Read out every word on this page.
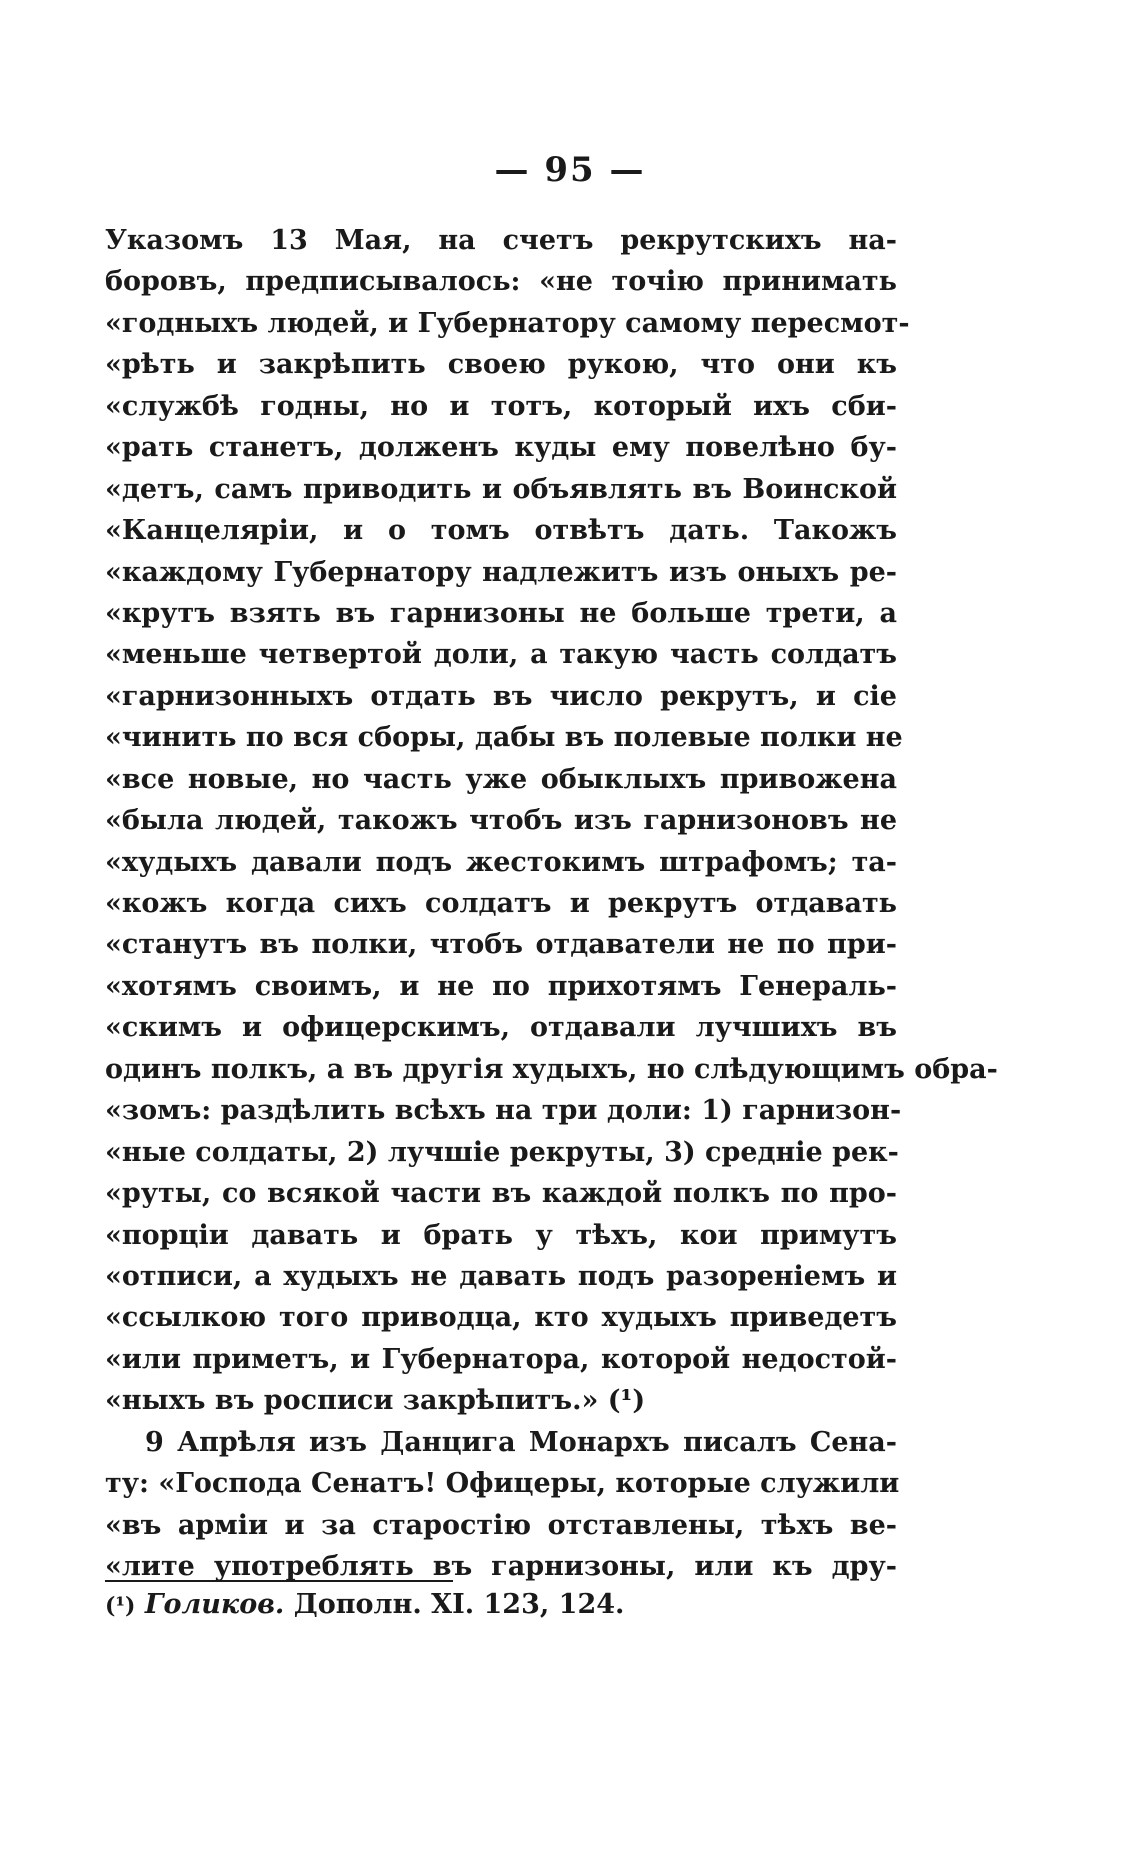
— 95 —
Указомъ 13 Мая, на счетъ рекрутскихъ на-
боровъ, предписывалось: «не точію принимать
«годныхъ людей, и Губернатору самому пересмот-
«рѣть и закрѣпить своею рукою, что они къ
«службѣ годны, но и тотъ, который ихъ сби-
«рать станетъ, долженъ куды ему повелѣно бу-
«детъ, самъ приводить и объявлять въ Воинской
«Канцеляріи, и о томъ отвѣтъ дать. Такожъ
«каждому Губернатору надлежитъ изъ оныхъ ре-
«крутъ взять въ гарнизоны не больше трети, а
«меньше четвертой доли, а такую часть солдатъ
«гарнизонныхъ отдать въ число рекрутъ, и сіе
«чинить по вся сборы, дабы въ полевые полки не
«все новые, но часть уже обыклыхъ привожена
«была людей, такожъ чтобъ изъ гарнизоновъ не
«худыхъ давали подъ жестокимъ штрафомъ; та-
«кожъ когда сихъ солдатъ и рекрутъ отдавать
«станутъ въ полки, чтобъ отдаватели не по при-
«хотямъ своимъ, и не по прихотямъ Генераль-
«скимъ и офицерскимъ, отдавали лучшихъ въ
одинъ полкъ, а въ другія худыхъ, но слѣдующимъ обра-
«зомъ: раздѣлить всѣхъ на три доли: 1) гарнизон-
«ные солдаты, 2) лучшіе рекруты, 3) средніе рек-
«руты, со всякой части въ каждой полкъ по про-
«порціи давать и брать у тѣхъ, кои примутъ
«отписи, а худыхъ не давать подъ разореніемъ и
«ссылкою того приводца, кто худыхъ приведетъ
«или приметъ, и Губернатора, которой недостой-
«ныхъ въ росписи закрѣпитъ.» (¹)
9 Апрѣля изъ Данцига Монархъ писалъ Сена-
ту: «Господа Сенатъ! Офицеры, которые служили
«въ арміи и за старостію отставлены, тѣхъ ве-
«лите употреблять въ гарнизоны, или къ дру-
(¹) Голиков. Дополн. XI. 123, 124.
